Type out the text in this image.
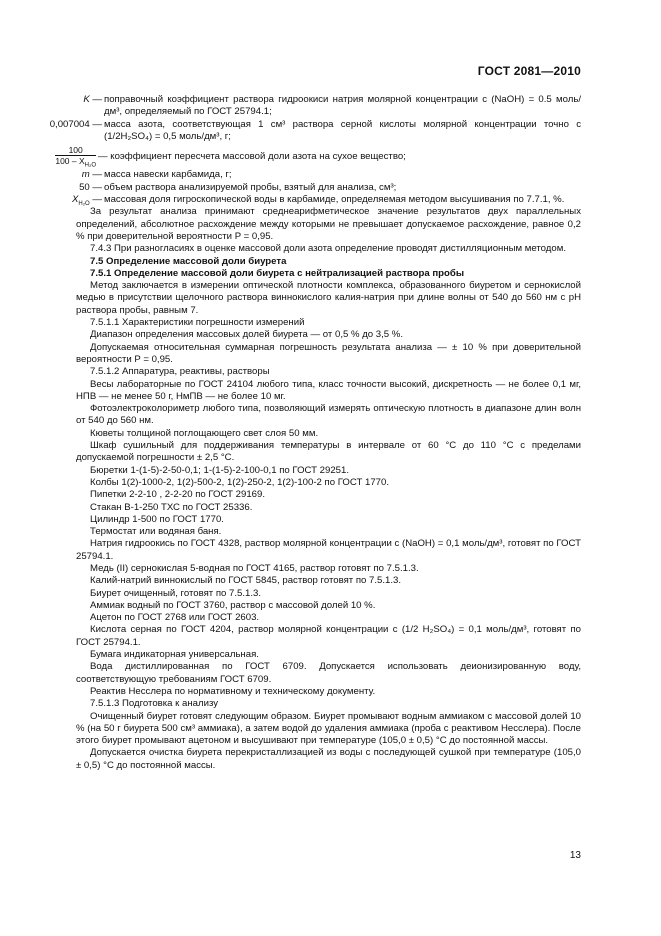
ГОСТ 2081—2010
K — поправочный коэффициент раствора гидроокиси натрия молярной концентрации c (NaOH) = 0.5 моль/дм³, определяемый по ГОСТ 25794.1;
0,007004 — масса азота, соответствующая 1 см³ раствора серной кислоты молярной концентрации точно c (1/2H₂SO₄) = 0,5 моль/дм³, г;
$\frac{100}{100 - X_{H_2O}}$ — коэффициент пересчета массовой доли азота на сухое вещество;
m — масса навески карбамида, г;
50 — объем раствора анализируемой пробы, взятый для анализа, см³;
$X_{H_2O}$ — массовая доля гигроскопической воды в карбамиде, определяемая методом высушивания по 7.7.1, %.

За результат анализа принимают среднеарифметическое значение результатов двух параллельных определений, абсолютное расхождение между которыми не превышает допускаемое расхождение, равное 0,2 % при доверительной вероятности P = 0,95.

7.4.3 При разногласиях в оценке массовой доли азота определение проводят дистилляционным методом.

7.5 Определение массовой доли биурета

7.5.1 Определение массовой доли биурета с нейтрализацией раствора пробы

Метод заключается в измерении оптической плотности комплекса, образованного биуретом и сернокислой медью в присутствии щелочного раствора виннокислого калия-натрия при длине волны от 540 до 560 нм с pH раствора пробы, равным 7.

7.5.1.1 Характеристики погрешности измерений

Диапазон определения массовых долей биурета — от 0,5 % до 3,5 %.

Допускаемая относительная суммарная погрешность результата анализа — ± 10 % при доверительной вероятности P = 0,95.

7.5.1.2 Аппаратура, реактивы, растворы

Весы лабораторные по ГОСТ 24104 любого типа, класс точности высокий, дискретность — не более 0,1 мг, НПВ — не менее 50 г, НмПВ — не более 10 мг.

Фотоэлектроколориметр любого типа, позволяющий измерять оптическую плотность в диапазоне длин волн от 540 до 560 нм.

Кюветы толщиной поглощающего свет слоя 50 мм.

Шкаф сушильный для поддерживания температуры в интервале от 60 °С до 110 °С с пределами допускаемой погрешности ± 2,5 °С.

Бюретки 1-(1-5)-2-50-0,1; 1-(1-5)-2-100-0,1 по ГОСТ 29251.

Колбы 1(2)-1000-2, 1(2)-500-2, 1(2)-250-2, 1(2)-100-2 по ГОСТ 1770.

Пипетки 2-2-10 , 2-2-20 по ГОСТ 29169.

Стакан В-1-250 ТХС по ГОСТ 25336.

Цилиндр 1-500 по ГОСТ 1770.

Термостат или водяная баня.

Натрия гидроокись по ГОСТ 4328, раствор молярной концентрации c (NaOH) = 0,1 моль/дм³, готовят по ГОСТ 25794.1.

Медь (II) сернокислая 5-водная по ГОСТ 4165, раствор готовят по 7.5.1.3.

Калий-натрий виннокислый по ГОСТ 5845, раствор готовят по 7.5.1.3.

Биурет очищенный, готовят по 7.5.1.3.

Аммиак водный по ГОСТ 3760, раствор с массовой долей 10 %.

Ацетон по ГОСТ 2768 или ГОСТ 2603.

Кислота серная по ГОСТ 4204, раствор молярной концентрации c (1/2 H₂SO₄) = 0,1 моль/дм³, готовят по ГОСТ 25794.1.

Бумага индикаторная универсальная.

Вода дистиллированная по ГОСТ 6709. Допускается использовать деионизированную воду, соответствующую требованиям ГОСТ 6709.

Реактив Несслера по нормативному и техническому документу.

7.5.1.3 Подготовка к анализу

Очищенный биурет готовят следующим образом. Биурет промывают водным аммиаком с массовой долей 10 % (на 50 г биурета 500 см³ аммиака), а затем водой до удаления аммиака (проба с реактивом Несслера). После этого биурет промывают ацетоном и высушивают при температуре (105,0 ± 0,5) °С до постоянной массы.

Допускается очистка биурета перекристаллизацией из воды с последующей сушкой при температуре (105,0 ± 0,5) °С до постоянной массы.

13
